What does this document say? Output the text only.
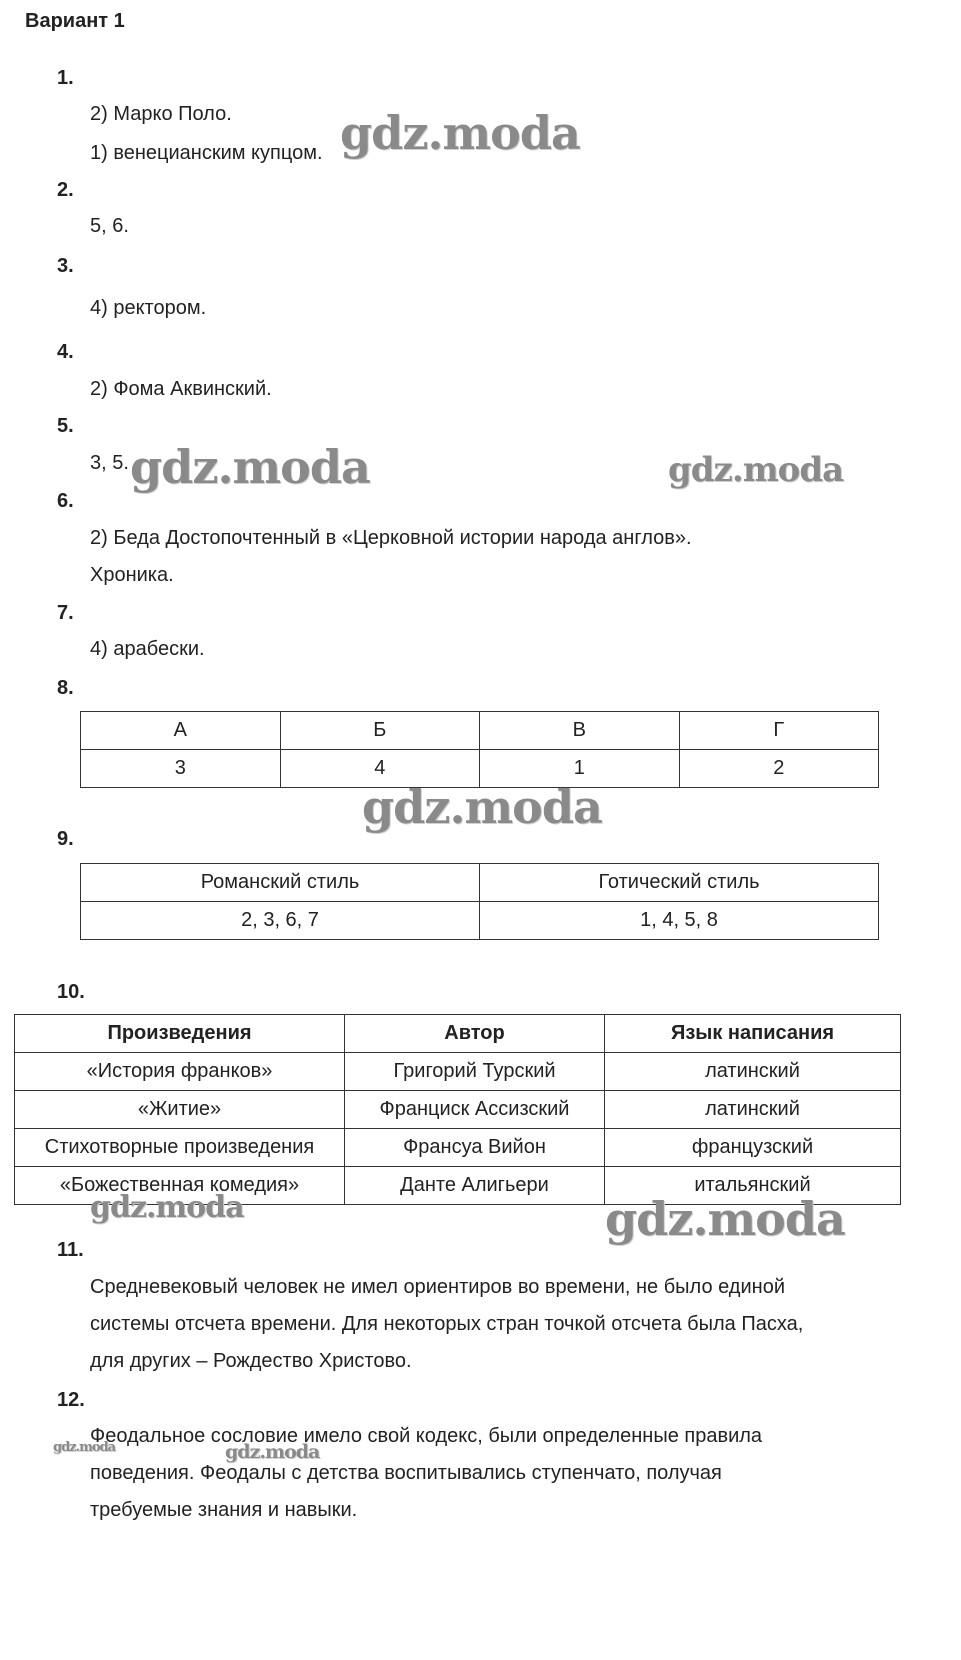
Вариант 1
1.
2) Марко Поло.
1) венецианским купцом.
2.
5, 6.
3.
4) ректором.
4.
2) Фома Аквинский.
5.
3, 5.
6.
2) Беда Достопочтенный в «Церковной истории народа англов».
Хроника.
7.
4) арабески.
8.
А	Б	В	Г
3	4	1	2
9.
Романский стиль	Готический стиль
2, 3, 6, 7	1, 4, 5, 8
10.
Произведения	Автор	Язык написания
«История франков»	Григорий Турский	латинский
«Житие»	Франциск Ассизский	латинский
Стихотворные произведения	Франсуа Вийон	французский
«Божественная комедия»	Данте Алигьери	итальянский
11.
Средневековый человек не имел ориентиров во времени, не было единой
системы отсчета времени. Для некоторых стран точкой отсчета была Пасха,
для других – Рождество Христово.
12.
Феодальное сословие имело свой кодекс, были определенные правила
поведения. Феодалы с детства воспитывались ступенчато, получая
требуемые знания и навыки.
gdz.moda
gdz.moda	gdz.moda
gdz.moda
gdz.moda	gdz.moda
gdz.moda	gdz.moda
